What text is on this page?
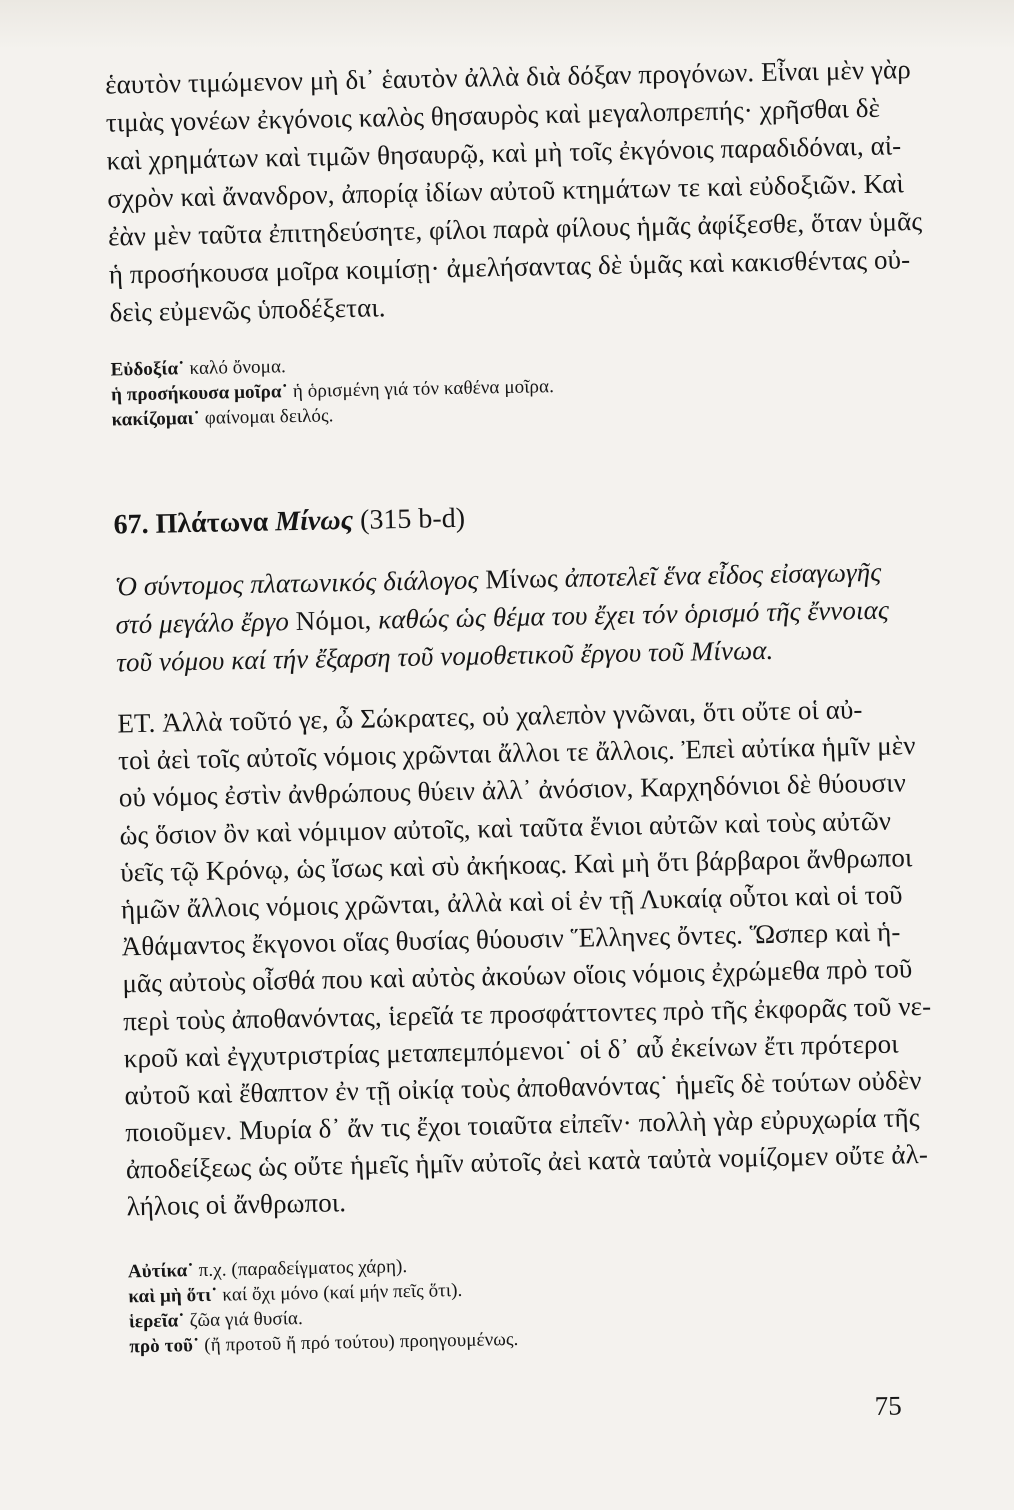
ἑαυτὸν τιμώμενον μὴ δι᾿ ἑαυτὸν ἀλλὰ διὰ δόξαν προγόνων. Εἶναι μὲν γὰρ
τιμὰς γονέων ἐκγόνοις καλὸς θησαυρὸς καὶ μεγαλοπρεπής· χρῆσθαι δὲ
καὶ χρημάτων καὶ τιμῶν θησαυρῷ, καὶ μὴ τοῖς ἐκγόνοις παραδιδόναι, αἰ-
σχρὸν καὶ ἄνανδρον, ἀπορίᾳ ἰδίων αὐτοῦ κτημάτων τε καὶ εὐδοξιῶν. Καὶ
ἐὰν μὲν ταῦτα ἐπιτηδεύσητε, φίλοι παρὰ φίλους ἡμᾶς ἀφίξεσθε, ὅταν ὑμᾶς
ἡ προσήκουσα μοῖρα κοιμίσῃ· ἀμελήσαντας δὲ ὑμᾶς καὶ κακισθέντας οὐ-
δεὶς εὐμενῶς ὑποδέξεται.
Εὐδοξία˙ καλό ὄνομα.
ἡ προσήκουσα μοῖρα˙ ἡ ὁρισμένη γιά τόν καθένα μοῖρα.
κακίζομαι˙ φαίνομαι δειλός.
67. Πλάτωνα Μίνως (315 b-d)
Ὁ σύντομος πλατωνικός διάλογος Μίνως ἀποτελεῖ ἕνα εἶδος εἰσαγωγῆς
στό μεγάλο ἔργο Νόμοι, καθώς ὡς θέμα του ἔχει τόν ὁρισμό τῆς ἔννοιας
τοῦ νόμου καί τήν ἔξαρση τοῦ νομοθετικοῦ ἔργου τοῦ Μίνωα.
ΕΤ. Ἀλλὰ τοῦτό γε, ὦ Σώκρατες, οὐ χαλεπὸν γνῶναι, ὅτι οὔτε οἱ αὐ-
τοὶ ἀεὶ τοῖς αὐτοῖς νόμοις χρῶνται ἄλλοι τε ἄλλοις. Ἐπεὶ αὐτίκα ἡμῖν μὲν
οὐ νόμος ἐστὶν ἀνθρώπους θύειν ἀλλ᾿ ἀνόσιον, Καρχηδόνιοι δὲ θύουσιν
ὡς ὅσιον ὂν καὶ νόμιμον αὐτοῖς, καὶ ταῦτα ἔνιοι αὐτῶν καὶ τοὺς αὐτῶν
ὑεῖς τῷ Κρόνῳ, ὡς ἴσως καὶ σὺ ἀκήκοας. Καὶ μὴ ὅτι βάρβαροι ἄνθρωποι
ἡμῶν ἄλλοις νόμοις χρῶνται, ἀλλὰ καὶ οἱ ἐν τῇ Λυκαίᾳ οὗτοι καὶ οἱ τοῦ
Ἀθάμαντος ἔκγονοι οἵας θυσίας θύουσιν Ἕλληνες ὄντες. Ὥσπερ καὶ ἡ-
μᾶς αὐτοὺς οἶσθά που καὶ αὐτὸς ἀκούων οἵοις νόμοις ἐχρώμεθα πρὸ τοῦ
περὶ τοὺς ἀποθανόντας, ἱερεῖά τε προσφάττοντες πρὸ τῆς ἐκφορᾶς τοῦ νε-
κροῦ καὶ ἐγχυτριστρίας μεταπεμπόμενοι˙ οἱ δ᾿ αὖ ἐκείνων ἔτι πρότεροι
αὐτοῦ καὶ ἔθαπτον ἐν τῇ οἰκίᾳ τοὺς ἀποθανόντας˙ ἡμεῖς δὲ τούτων οὐδὲν
ποιοῦμεν. Μυρία δ᾿ ἄν τις ἔχοι τοιαῦτα εἰπεῖν· πολλὴ γὰρ εὐρυχωρία τῆς
ἀποδείξεως ὡς οὔτε ἡμεῖς ἡμῖν αὐτοῖς ἀεὶ κατὰ ταὐτὰ νομίζομεν οὔτε ἀλ-
λήλοις οἱ ἄνθρωποι.
Αὐτίκα˙ π.χ. (παραδείγματος χάρη).
καὶ μὴ ὅτι˙ καί ὄχι μόνο (καί μήν πεῖς ὅτι).
ἱερεῖα˙ ζῶα γιά θυσία.
πρὸ τοῦ˙ (ἤ προτοῦ ἤ πρό τούτου) προηγουμένως.
75
